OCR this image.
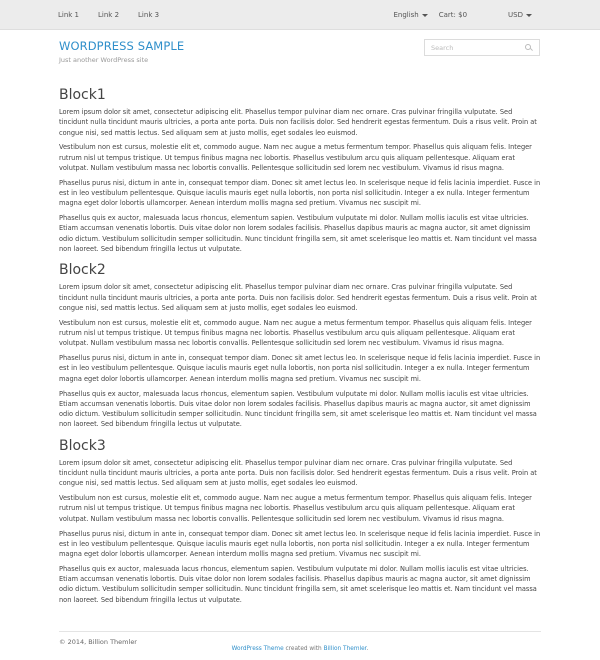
Link 1	Link 2	Link 3	English	Cart: $0	USD
Search
WORDPRESS SAMPLE
Just another WordPress site
Block1

Lorem ipsum dolor sit amet, consectetur adipiscing elit. Phasellus tempor pulvinar diam nec ornare. Cras pulvinar fringilla vulputate. Sed tincidunt nulla tincidunt mauris ultricies, a porta ante porta. Duis non facilisis dolor. Sed hendrerit egestas fermentum. Duis a risus velit. Proin at congue nisi, sed mattis lectus. Sed aliquam sem at justo mollis, eget sodales leo euismod.

Vestibulum non est cursus, molestie elit et, commodo augue. Nam nec augue a metus fermentum tempor. Phasellus quis aliquam felis. Integer rutrum nisl ut tempus tristique. Ut tempus finibus magna nec lobortis. Phasellus vestibulum arcu quis aliquam pellentesque. Aliquam erat volutpat. Nullam vestibulum massa nec lobortis convallis. Pellentesque sollicitudin sed lorem nec vestibulum. Vivamus id risus magna.

Phasellus purus nisi, dictum in ante in, consequat tempor diam. Donec sit amet lectus leo. In scelerisque neque id felis lacinia imperdiet. Fusce in est in leo vestibulum pellentesque. Quisque iaculis mauris eget nulla lobortis, non porta nisl sollicitudin. Integer a ex nulla. Integer fermentum magna eget dolor lobortis ullamcorper. Aenean interdum mollis magna sed pretium. Vivamus nec suscipit mi.

Phasellus quis ex auctor, malesuada lacus rhoncus, elementum sapien. Vestibulum vulputate mi dolor. Nullam mollis iaculis est vitae ultricies. Etiam accumsan venenatis lobortis. Duis vitae dolor non lorem sodales facilisis. Phasellus dapibus mauris ac magna auctor, sit amet dignissim odio dictum. Vestibulum sollicitudin semper sollicitudin. Nunc tincidunt fringilla sem, sit amet scelerisque leo mattis et. Nam tincidunt vel massa non laoreet. Sed bibendum fringilla lectus ut vulputate.

Block2

Lorem ipsum dolor sit amet, consectetur adipiscing elit. Phasellus tempor pulvinar diam nec ornare. Cras pulvinar fringilla vulputate. Sed tincidunt nulla tincidunt mauris ultricies, a porta ante porta. Duis non facilisis dolor. Sed hendrerit egestas fermentum. Duis a risus velit. Proin at congue nisi, sed mattis lectus. Sed aliquam sem at justo mollis, eget sodales leo euismod.

Vestibulum non est cursus, molestie elit et, commodo augue. Nam nec augue a metus fermentum tempor. Phasellus quis aliquam felis. Integer rutrum nisl ut tempus tristique. Ut tempus finibus magna nec lobortis. Phasellus vestibulum arcu quis aliquam pellentesque. Aliquam erat volutpat. Nullam vestibulum massa nec lobortis convallis. Pellentesque sollicitudin sed lorem nec vestibulum. Vivamus id risus magna.

Phasellus purus nisi, dictum in ante in, consequat tempor diam. Donec sit amet lectus leo. In scelerisque neque id felis lacinia imperdiet. Fusce in est in leo vestibulum pellentesque. Quisque iaculis mauris eget nulla lobortis, non porta nisl sollicitudin. Integer a ex nulla. Integer fermentum magna eget dolor lobortis ullamcorper. Aenean interdum mollis magna sed pretium. Vivamus nec suscipit mi.

Phasellus quis ex auctor, malesuada lacus rhoncus, elementum sapien. Vestibulum vulputate mi dolor. Nullam mollis iaculis est vitae ultricies. Etiam accumsan venenatis lobortis. Duis vitae dolor non lorem sodales facilisis. Phasellus dapibus mauris ac magna auctor, sit amet dignissim odio dictum. Vestibulum sollicitudin semper sollicitudin. Nunc tincidunt fringilla sem, sit amet scelerisque leo mattis et. Nam tincidunt vel massa non laoreet. Sed bibendum fringilla lectus ut vulputate.

Block3

Lorem ipsum dolor sit amet, consectetur adipiscing elit. Phasellus tempor pulvinar diam nec ornare. Cras pulvinar fringilla vulputate. Sed tincidunt nulla tincidunt mauris ultricies, a porta ante porta. Duis non facilisis dolor. Sed hendrerit egestas fermentum. Duis a risus velit. Proin at congue nisi, sed mattis lectus. Sed aliquam sem at justo mollis, eget sodales leo euismod.

Vestibulum non est cursus, molestie elit et, commodo augue. Nam nec augue a metus fermentum tempor. Phasellus quis aliquam felis. Integer rutrum nisl ut tempus tristique. Ut tempus finibus magna nec lobortis. Phasellus vestibulum arcu quis aliquam pellentesque. Aliquam erat volutpat. Nullam vestibulum massa nec lobortis convallis. Pellentesque sollicitudin sed lorem nec vestibulum. Vivamus id risus magna.

Phasellus purus nisi, dictum in ante in, consequat tempor diam. Donec sit amet lectus leo. In scelerisque neque id felis lacinia imperdiet. Fusce in est in leo vestibulum pellentesque. Quisque iaculis mauris eget nulla lobortis, non porta nisl sollicitudin. Integer a ex nulla. Integer fermentum magna eget dolor lobortis ullamcorper. Aenean interdum mollis magna sed pretium. Vivamus nec suscipit mi.

Phasellus quis ex auctor, malesuada lacus rhoncus, elementum sapien. Vestibulum vulputate mi dolor. Nullam mollis iaculis est vitae ultricies. Etiam accumsan venenatis lobortis. Duis vitae dolor non lorem sodales facilisis. Phasellus dapibus mauris ac magna auctor, sit amet dignissim odio dictum. Vestibulum sollicitudin semper sollicitudin. Nunc tincidunt fringilla sem, sit amet scelerisque leo mattis et. Nam tincidunt vel massa non laoreet. Sed bibendum fringilla lectus ut vulputate.

© 2014, Billion Themler
WordPress Theme created with Billion Themler.
